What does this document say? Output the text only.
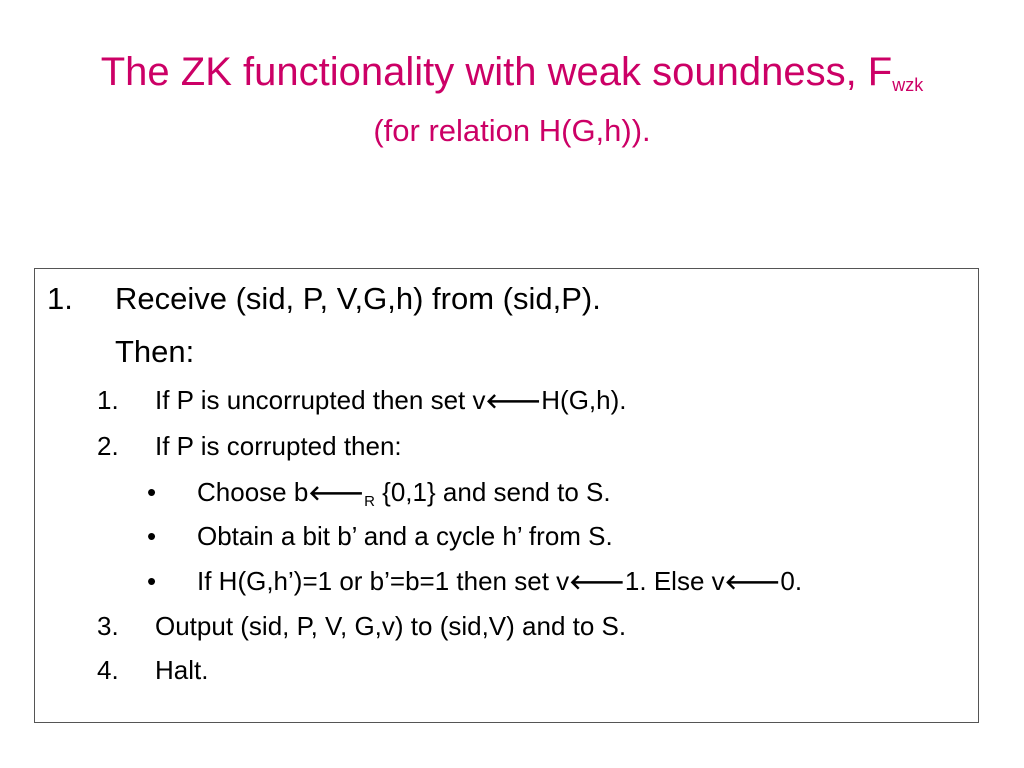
The ZK functionality with weak soundness, $F_{wzk}$
(for relation H(G,h)).
1. Receive (sid, P, V,G,h) from (sid,P).
Then:
1. If P is uncorrupted then set v🡐H(G,h).
2. If P is corrupted then:
• Choose b🡐R {0,1} and send to S.
• Obtain a bit b’ and a cycle h’ from S.
• If H(G,h’)=1 or b’=b=1 then set v🡐1. Else v🡐0.
3. Output (sid, P, V, G,v) to (sid,V) and to S.
4. Halt.
